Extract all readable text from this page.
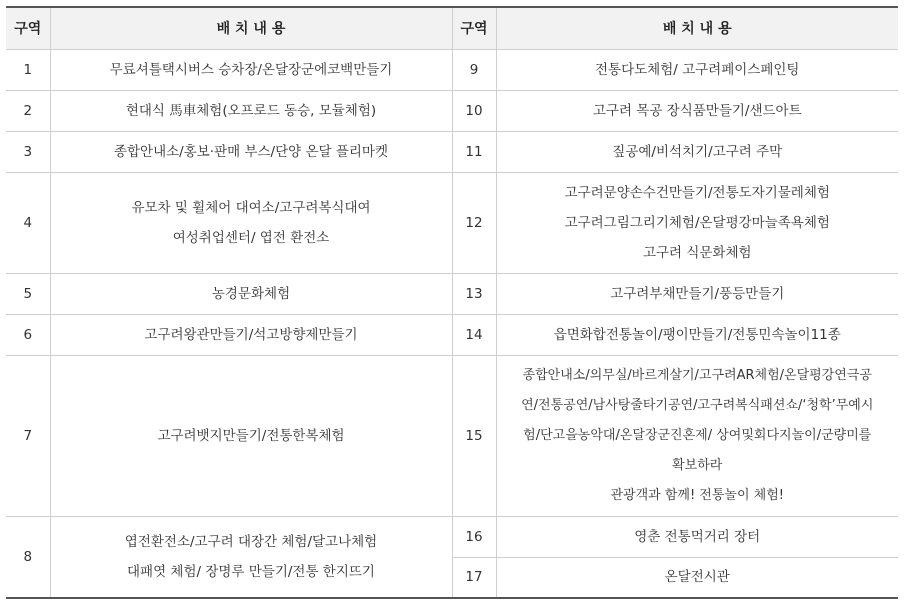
구역	배 치 내 용	구역	배 치 내 용
1	무료셔틀택시버스 승차장/온달장군에코백만들기	9	전통다도체험/ 고구려페이스페인팅

2	현대식 馬車체험(오프로드 동승, 모듈체험)	10	고구려 목공 장식품만들기/샌드아트

3	종합안내소/홍보·판매 부스/단양 온달 플리마켓	11	짚공예/비석치기/고구려 주막

4	유모차 및 휠체어 대여소/고구려복식대여
여성취업센터/ 엽전 환전소	12	고구려문양손수건만들기/전통도자기물레체험
고구려그림그리기체험/온달평강마늘족욕체험
고구려 식문화체험

5	농경문화체험	13	고구려부채만들기/풍등만들기

6	고구려왕관만들기/석고방향제만들기	14	읍면화합전통놀이/팽이만들기/전통민속놀이11종

7	고구려뱃지만들기/전통한복체험	15	종합안내소/의무실/바르게살기/고구려AR체험/온달평강연극공
연/전통공연/남사탕줄타기공연/고구려복식패션쇼/‘청학’무예시
험/단고을농악대/온달장군진혼제/ 상여및회다지놀이/군량미를
확보하라
관광객과 함께! 전통놀이 체험!

8	엽전환전소/고구려 대장간 체험/달고나체험
대패엿 체험/ 장명루 만들기/전통 한지뜨기	16	영춘 전통먹거리 장터

		17	온달전시관
